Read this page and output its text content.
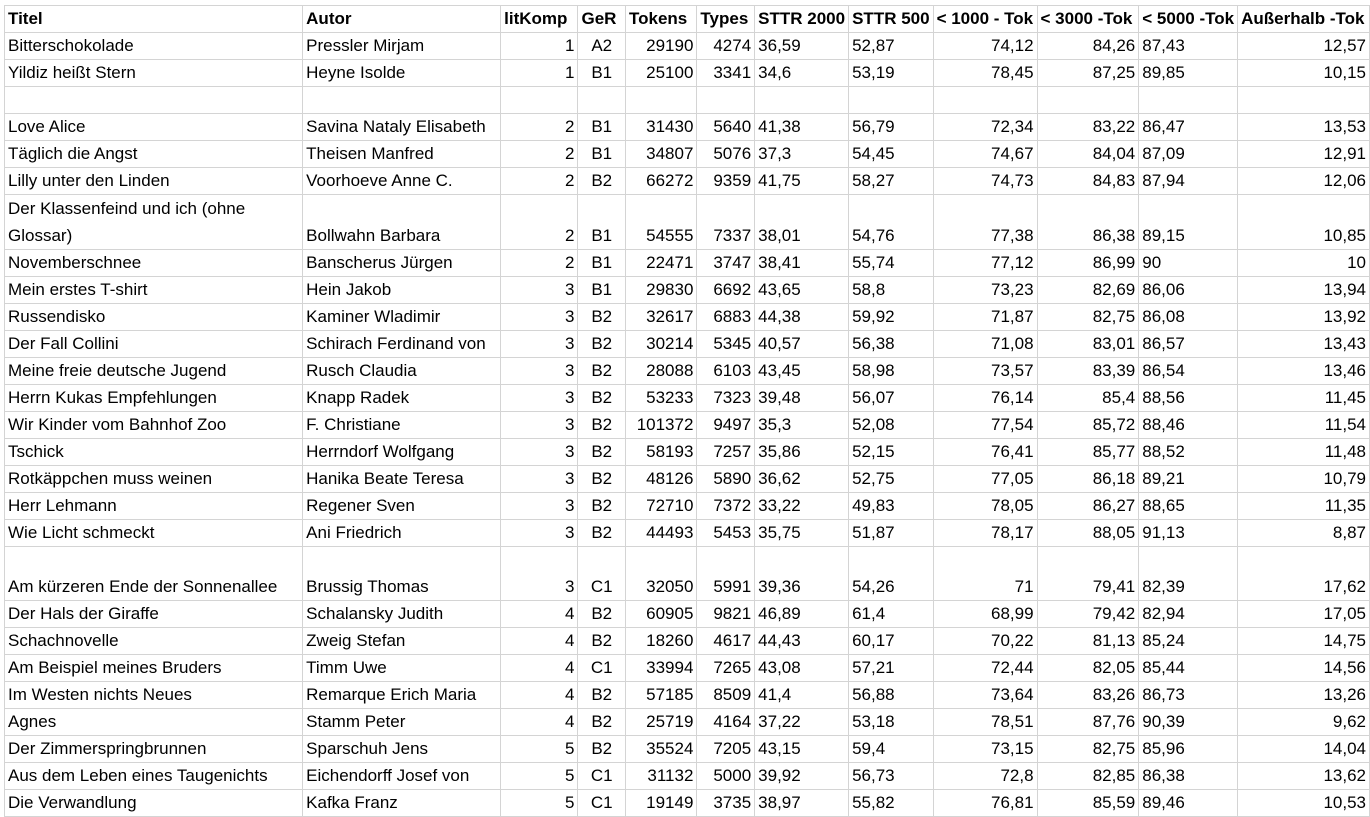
Titel	Autor	litKomp	GeR	Tokens	Types	STTR 2000	STTR 500	< 1000 - Tok	< 3000 -Tok	< 5000 -Tok	Außerhalb -Tok
Bitterschokolade	Pressler Mirjam	1	A2	29190	4274	36,59	52,87	74,12	84,26	87,43	12,57
Yildiz heißt Stern	Heyne Isolde	1	B1	25100	3341	34,6	53,19	78,45	87,25	89,85	10,15

Love Alice	Savina Nataly Elisabeth	2	B1	31430	5640	41,38	56,79	72,34	83,22	86,47	13,53
Täglich die Angst	Theisen Manfred	2	B1	34807	5076	37,3	54,45	74,67	84,04	87,09	12,91
Lilly unter den Linden	Voorhoeve Anne C.	2	B2	66272	9359	41,75	58,27	74,73	84,83	87,94	12,06
Der Klassenfeind und ich (ohne Glossar)	Bollwahn Barbara	2	B1	54555	7337	38,01	54,76	77,38	86,38	89,15	10,85
Novemberschnee	Banscherus Jürgen	2	B1	22471	3747	38,41	55,74	77,12	86,99	90	10
Mein erstes T-shirt	Hein Jakob	3	B1	29830	6692	43,65	58,8	73,23	82,69	86,06	13,94
Russendisko	Kaminer Wladimir	3	B2	32617	6883	44,38	59,92	71,87	82,75	86,08	13,92
Der Fall Collini	Schirach Ferdinand von	3	B2	30214	5345	40,57	56,38	71,08	83,01	86,57	13,43
Meine freie deutsche Jugend	Rusch Claudia	3	B2	28088	6103	43,45	58,98	73,57	83,39	86,54	13,46
Herrn Kukas Empfehlungen	Knapp Radek	3	B2	53233	7323	39,48	56,07	76,14	85,4	88,56	11,45
Wir Kinder vom Bahnhof Zoo	F. Christiane	3	B2	101372	9497	35,3	52,08	77,54	85,72	88,46	11,54
Tschick	Herrndorf Wolfgang	3	B2	58193	7257	35,86	52,15	76,41	85,77	88,52	11,48
Rotkäppchen muss weinen	Hanika Beate Teresa	3	B2	48126	5890	36,62	52,75	77,05	86,18	89,21	10,79
Herr Lehmann	Regener Sven	3	B2	72710	7372	33,22	49,83	78,05	86,27	88,65	11,35
Wie Licht schmeckt	Ani Friedrich	3	B2	44493	5453	35,75	51,87	78,17	88,05	91,13	8,87
Am kürzeren Ende der Sonnenallee	Brussig Thomas	3	C1	32050	5991	39,36	54,26	71	79,41	82,39	17,62
Der Hals der Giraffe	Schalansky Judith	4	B2	60905	9821	46,89	61,4	68,99	79,42	82,94	17,05
Schachnovelle	Zweig Stefan	4	B2	18260	4617	44,43	60,17	70,22	81,13	85,24	14,75
Am Beispiel meines Bruders	Timm Uwe	4	C1	33994	7265	43,08	57,21	72,44	82,05	85,44	14,56
Im Westen nichts Neues	Remarque Erich Maria	4	B2	57185	8509	41,4	56,88	73,64	83,26	86,73	13,26
Agnes	Stamm Peter	4	B2	25719	4164	37,22	53,18	78,51	87,76	90,39	9,62
Der Zimmerspringbrunnen	Sparschuh Jens	5	B2	35524	7205	43,15	59,4	73,15	82,75	85,96	14,04
Aus dem Leben eines Taugenichts	Eichendorff Josef von	5	C1	31132	5000	39,92	56,73	72,8	82,85	86,38	13,62
Die Verwandlung	Kafka Franz	5	C1	19149	3735	38,97	55,82	76,81	85,59	89,46	10,53
